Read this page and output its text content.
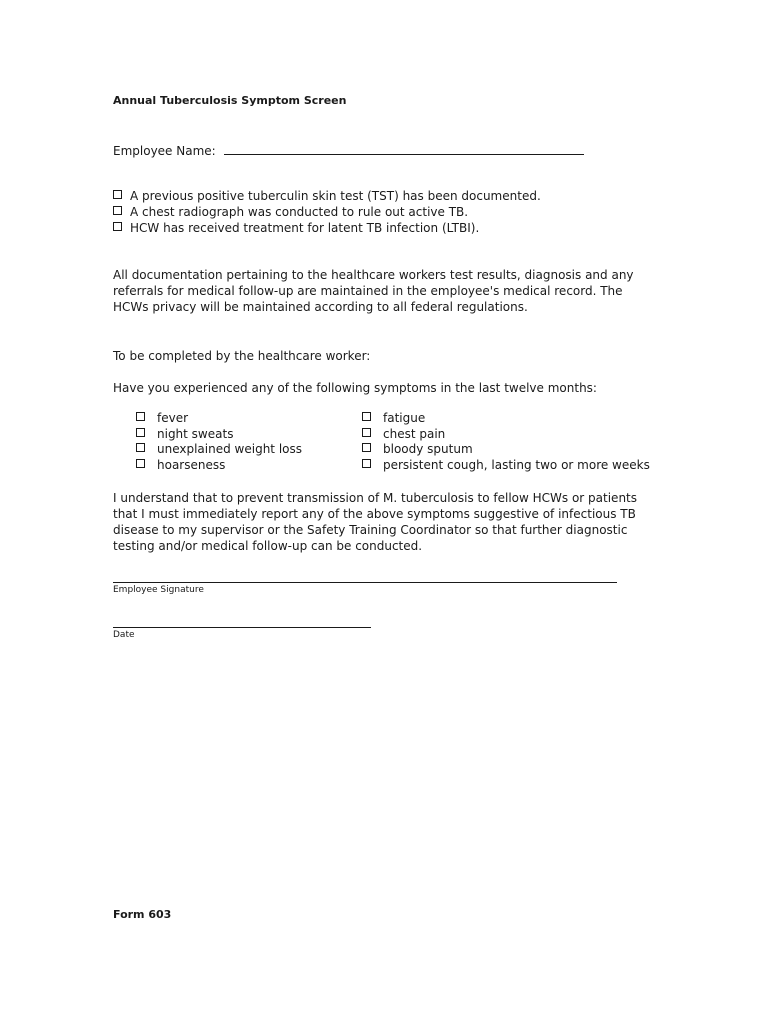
Annual Tuberculosis Symptom Screen
Employee Name:
A previous positive tuberculin skin test (TST) has been documented.
A chest radiograph was conducted to rule out active TB.
HCW has received treatment for latent TB infection (LTBI).
All documentation pertaining to the healthcare workers test results, diagnosis and any referrals for medical follow-up are maintained in the employee's medical record. The HCWs privacy will be maintained according to all federal regulations.
To be completed by the healthcare worker:
Have you experienced any of the following symptoms in the last twelve months:
fever
night sweats
unexplained weight loss
hoarseness
fatigue
chest pain
bloody sputum
persistent cough, lasting two or more weeks
I understand that to prevent transmission of M. tuberculosis to fellow HCWs or patients that I must immediately report any of the above symptoms suggestive of infectious TB disease to my supervisor or the Safety Training Coordinator so that further diagnostic testing and/or medical follow-up can be conducted.
Employee Signature
Date
Form 603
